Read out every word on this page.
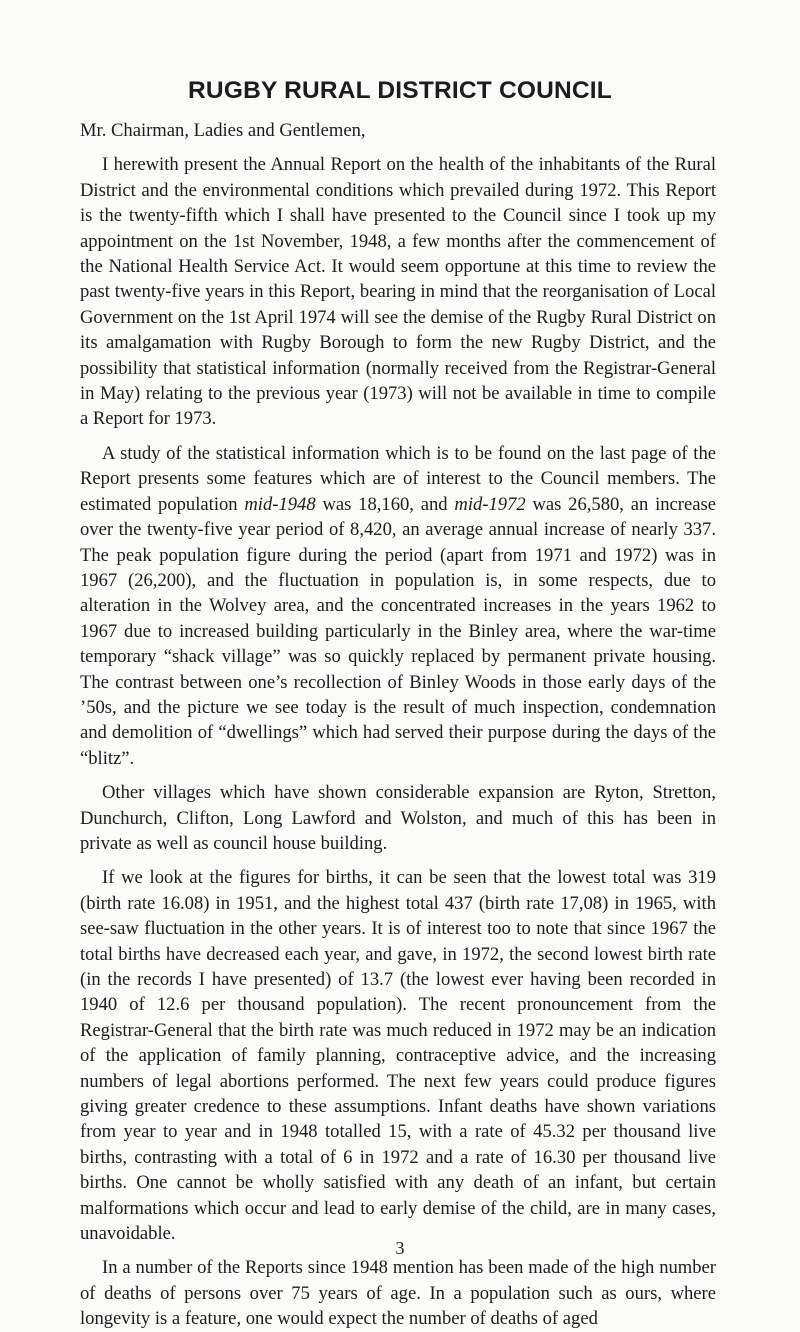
RUGBY RURAL DISTRICT COUNCIL

Mr. Chairman, Ladies and Gentlemen,

I herewith present the Annual Report on the health of the inhabitants of the Rural District and the environmental conditions which prevailed during 1972. This Report is the twenty-fifth which I shall have presented to the Council since I took up my appointment on the 1st November, 1948, a few months after the commencement of the National Health Service Act. It would seem opportune at this time to review the past twenty-five years in this Report, bearing in mind that the reorganisation of Local Government on the 1st April 1974 will see the demise of the Rugby Rural District on its amalgamation with Rugby Borough to form the new Rugby District, and the possibility that statistical information (normally received from the Registrar-General in May) relating to the previous year (1973) will not be available in time to compile a Report for 1973.

A study of the statistical information which is to be found on the last page of the Report presents some features which are of interest to the Council members. The estimated population mid-1948 was 18,160, and mid-1972 was 26,580, an increase over the twenty-five year period of 8,420, an average annual increase of nearly 337. The peak population figure during the period (apart from 1971 and 1972) was in 1967 (26,200), and the fluctuation in population is, in some respects, due to alteration in the Wolvey area, and the concentrated increases in the years 1962 to 1967 due to increased building particularly in the Binley area, where the war-time temporary “shack village” was so quickly replaced by permanent private housing. The contrast between one’s recollection of Binley Woods in those early days of the ’50s, and the picture we see today is the result of much inspection, condemnation and demolition of “dwellings” which had served their purpose during the days of the “blitz”.

Other villages which have shown considerable expansion are Ryton, Stretton, Dunchurch, Clifton, Long Lawford and Wolston, and much of this has been in private as well as council house building.

If we look at the figures for births, it can be seen that the lowest total was 319 (birth rate 16.08) in 1951, and the highest total 437 (birth rate 17,08) in 1965, with see-saw fluctuation in the other years. It is of interest too to note that since 1967 the total births have decreased each year, and gave, in 1972, the second lowest birth rate (in the records I have presented) of 13.7 (the lowest ever having been recorded in 1940 of 12.6 per thousand population). The recent pronouncement from the Registrar-General that the birth rate was much reduced in 1972 may be an indication of the application of family planning, contraceptive advice, and the increasing numbers of legal abortions performed. The next few years could produce figures giving greater credence to these assumptions. Infant deaths have shown variations from year to year and in 1948 totalled 15, with a rate of 45.32 per thousand live births, contrasting with a total of 6 in 1972 and a rate of 16.30 per thousand live births. One cannot be wholly satisfied with any death of an infant, but certain malformations which occur and lead to early demise of the child, are in many cases, unavoidable.

In a number of the Reports since 1948 mention has been made of the high number of deaths of persons over 75 years of age. In a population such as ours, where longevity is a feature, one would expect the number of deaths of aged

3
